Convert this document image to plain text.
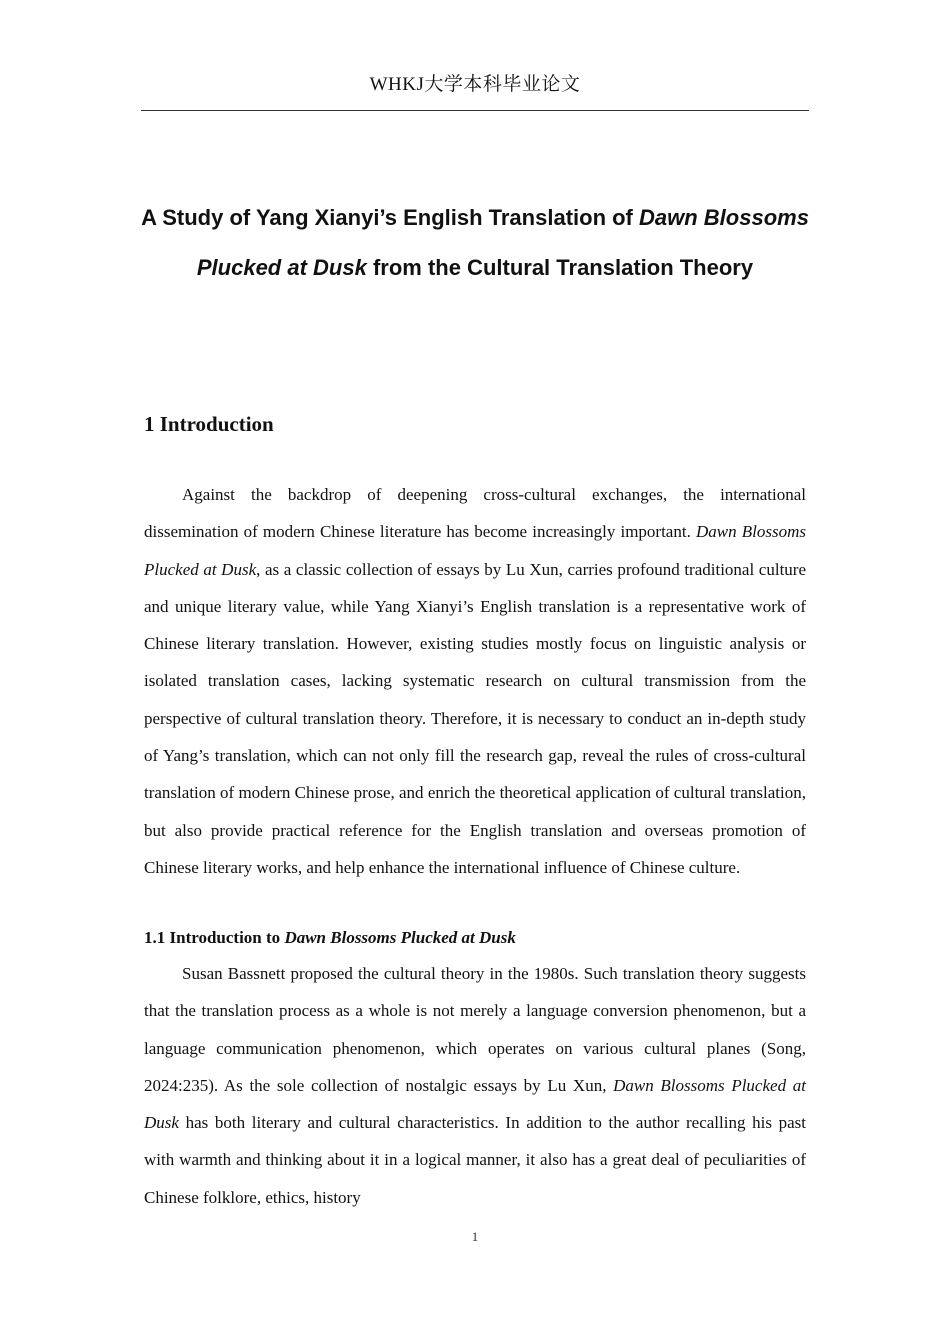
WHKJ大学本科毕业论文
A Study of Yang Xianyi’s English Translation of Dawn Blossoms Plucked at Dusk from the Cultural Translation Theory
1 Introduction

Against the backdrop of deepening cross-cultural exchanges, the international dissemination of modern Chinese literature has become increasingly important. Dawn Blossoms Plucked at Dusk, as a classic collection of essays by Lu Xun, carries profound traditional culture and unique literary value, while Yang Xianyi’s English translation is a representative work of Chinese literary translation. However, existing studies mostly focus on linguistic analysis or isolated translation cases, lacking systematic research on cultural transmission from the perspective of cultural translation theory. Therefore, it is necessary to conduct an in-depth study of Yang’s translation, which can not only fill the research gap, reveal the rules of cross-cultural translation of modern Chinese prose, and enrich the theoretical application of cultural translation, but also provide practical reference for the English translation and overseas promotion of Chinese literary works, and help enhance the international influence of Chinese culture.

1.1 Introduction to Dawn Blossoms Plucked at Dusk

Susan Bassnett proposed the cultural theory in the 1980s. Such translation theory suggests that the translation process as a whole is not merely a language conversion phenomenon, but a language communication phenomenon, which operates on various cultural planes (Song, 2024:235). As the sole collection of nostalgic essays by Lu Xun, Dawn Blossoms Plucked at Dusk has both literary and cultural characteristics. In addition to the author recalling his past with warmth and thinking about it in a logical manner, it also has a great deal of peculiarities of Chinese folklore, ethics, history

1
